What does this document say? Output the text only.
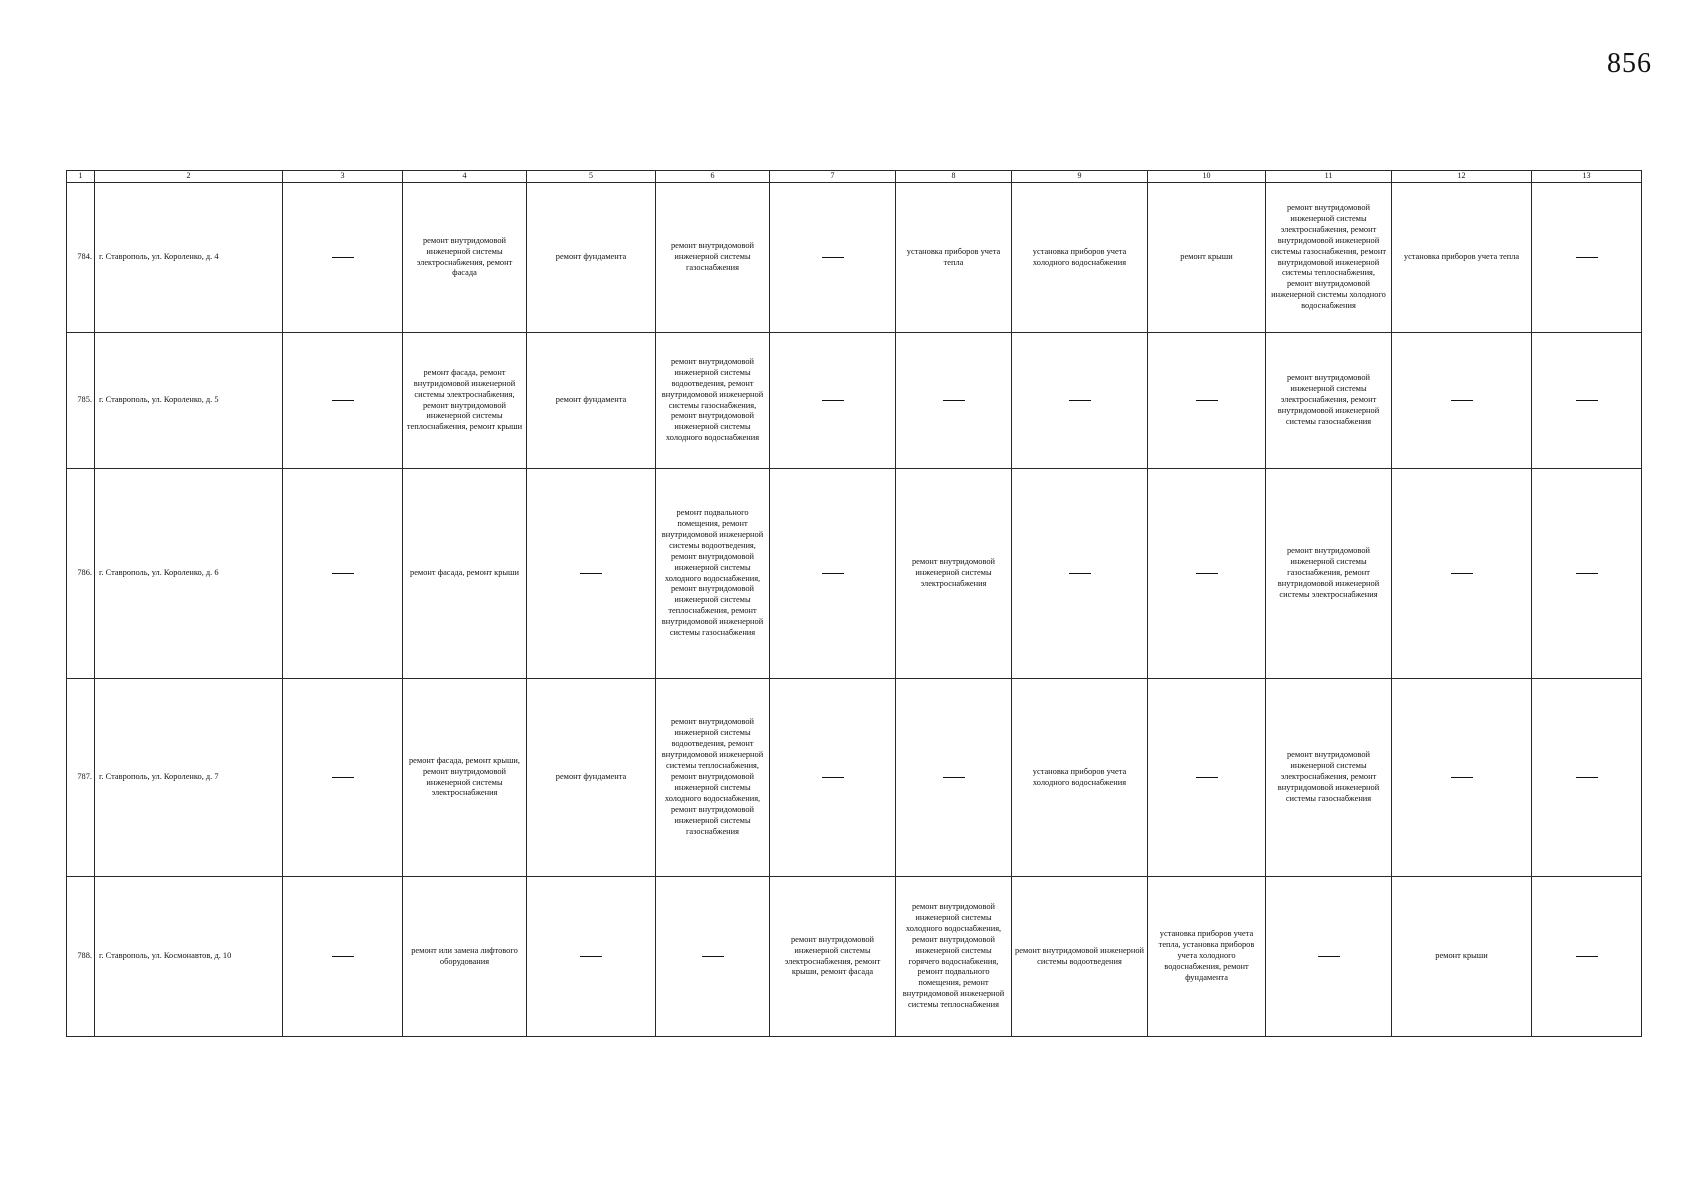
856
1	2	3	4	5	6	7	8	9	10	11	12	13
784.	г. Ставрополь, ул. Короленко, д. 4		ремонт внутридомовой инженерной системы электроснабжения, ремонт фасада	ремонт фундамента	ремонт внутридомовой инженерной системы газоснабжения		установка приборов учета тепла	установка приборов учета холодного водоснабжения	ремонт крыши	ремонт внутридомовой инженерной системы электроснабжения, ремонт внутридомовой инженерной системы газоснабжения, ремонт внутридомовой инженерной системы теплоснабжения, ремонт внутридомовой инженерной системы холодного водоснабжения	установка приборов учета тепла	
785.	г. Ставрополь, ул. Короленко, д. 5		ремонт фасада, ремонт внутридомовой инженерной системы электроснабжения, ремонт внутридомовой инженерной системы теплоснабжения, ремонт крыши	ремонт фундамента	ремонт внутридомовой инженерной системы водоотведения, ремонт внутридомовой инженерной системы газоснабжения, ремонт внутридомовой инженерной системы холодного водоснабжения					ремонт внутридомовой инженерной системы электроснабжения, ремонт внутридомовой инженерной системы газоснабжения		
786.	г. Ставрополь, ул. Короленко, д. 6		ремонт фасада, ремонт крыши		ремонт подвального помещения, ремонт внутридомовой инженерной системы водоотведения, ремонт внутридомовой инженерной системы холодного водоснабжения, ремонт внутридомовой инженерной системы теплоснабжения, ремонт внутридомовой инженерной системы газоснабжения		ремонт внутридомовой инженерной системы электроснабжения			ремонт внутридомовой инженерной системы газоснабжения, ремонт внутридомовой инженерной системы электроснабжения		
787.	г. Ставрополь, ул. Короленко, д. 7		ремонт фасада, ремонт крыши, ремонт внутридомовой инженерной системы электроснабжения	ремонт фундамента	ремонт внутридомовой инженерной системы водоотведения, ремонт внутридомовой инженерной системы теплоснабжения, ремонт внутридомовой инженерной системы холодного водоснабжения, ремонт внутридомовой инженерной системы газоснабжения			установка приборов учета холодного водоснабжения		ремонт внутридомовой инженерной системы электроснабжения, ремонт внутридомовой инженерной системы газоснабжения		
788.	г. Ставрополь, ул. Космонавтов, д. 10		ремонт или замена лифтового оборудования			ремонт внутридомовой инженерной системы электроснабжения, ремонт крыши, ремонт фасада	ремонт внутридомовой инженерной системы холодного водоснабжения, ремонт внутридомовой инженерной системы горячего водоснабжения, ремонт подвального помещения, ремонт внутридомовой инженерной системы теплоснабжения	ремонт внутридомовой инженерной системы водоотведения	установка приборов учета тепла, установка приборов учета холодного водоснабжения, ремонт фундамента		ремонт крыши	
